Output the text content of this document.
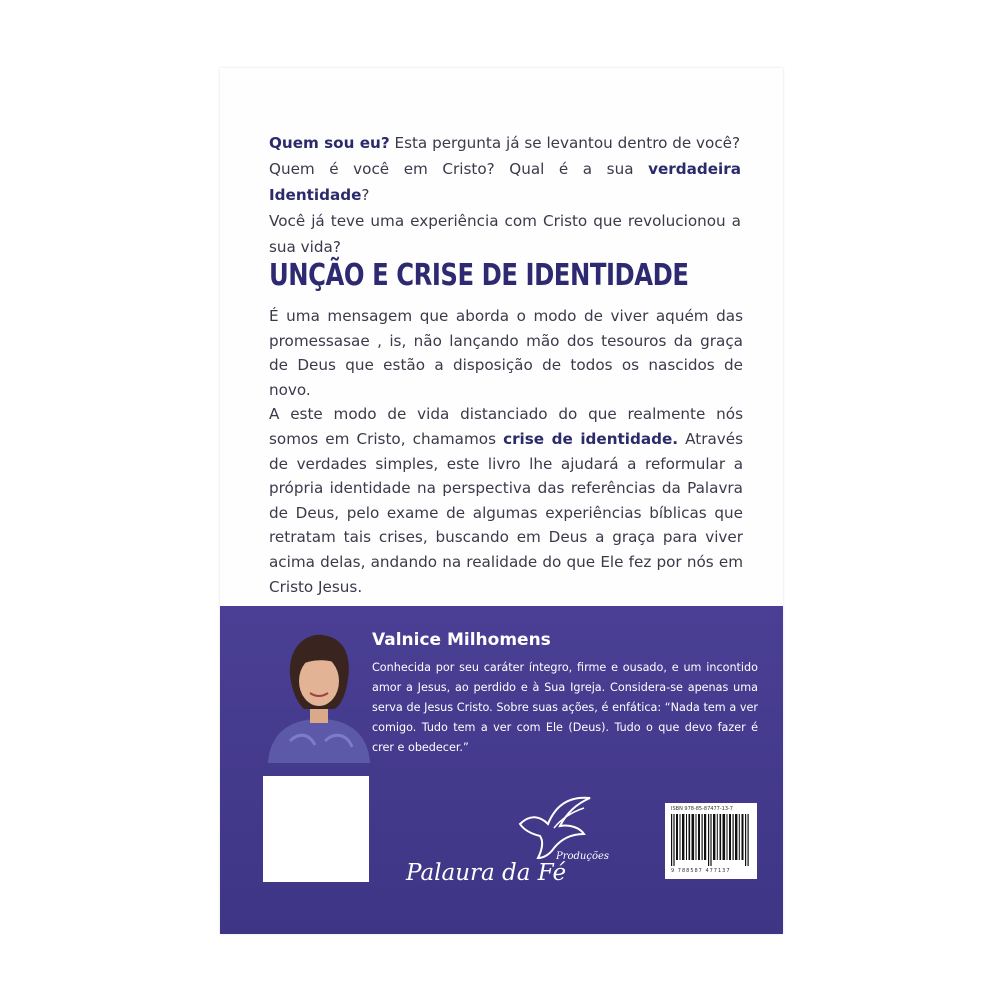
Quem sou eu? Esta pergunta já se levantou dentro de você?
Quem é você em Cristo? Qual é a sua verdadeira Identidade?
Você já teve uma experiência com Cristo que revolucionou a sua vida?
UNÇÃO E CRISE DE IDENTIDADE

É uma mensagem que aborda o modo de viver aquém das promessasae , is, não lançando mão dos tesouros da graça de Deus que estão a disposição de todos os nascidos de novo.

A este modo de vida distanciado do que realmente nós somos em Cristo, chamamos crise de identidade. Através de verdades simples, este livro lhe ajudará a reformular a própria identidade na perspectiva das referências da Palavra de Deus, pelo exame de algumas experiências bíblicas que retratam tais crises, buscando em Deus a graça para viver acima delas, andando na realidade do que Ele fez por nós em Cristo Jesus.

Valnice Milhomens
Conhecida por seu caráter íntegro, firme e ousado, e um incontido amor a Jesus, ao perdido e à Sua Igreja. Considera-se apenas uma serva de Jesus Cristo. Sobre suas ações, é enfática: “Nada tem a ver comigo. Tudo tem a ver com Ele (Deus). Tudo o que devo fazer é crer e obedecer.”
Produções
Palaura da Fé
ISBN 978-85-87477-13-7
9 788587 477137
